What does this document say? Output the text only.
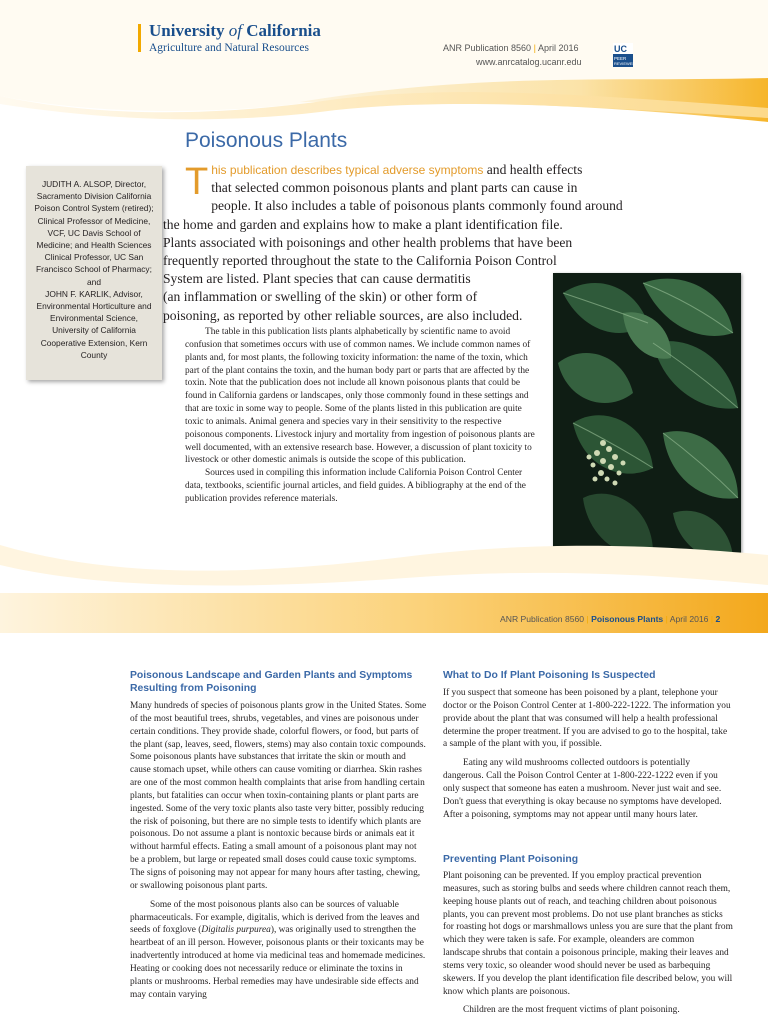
University of California
Agriculture and Natural Resources	ANR Publication 8560 | April 2016
www.anrcatalog.ucanr.edu
UC
PEER
REVIEWED
Poisonous Plants
JUDITH A. ALSOP, Director, Sacramento Division California Poison Control System (retired); Clinical Professor of Medicine, VCF, UC Davis School of Medicine; and Health Sciences Clinical Professor, UC San Francisco School of Pharmacy; and
JOHN F. KARLIK, Advisor, Environmental Horticulture and Environmental Science, University of California Cooperative Extension, Kern County
T his publication describes typical adverse symptoms and health effects
that selected common poisonous plants and plant parts can cause in
people. It also includes a table of poisonous plants commonly found around
the home and garden and explains how to make a plant identification file.
Plants associated with poisonings and other health problems that have been
frequently reported throughout the state to the California Poison Control
System are listed. Plant species that can cause dermatitis
(an inflammation or swelling of the skin) or other form of
poisoning, as reported by other reliable sources, are also included.

The table in this publication lists plants alphabetically by scientific name to avoid confusion that sometimes occurs with use of common names. We include common names of plants and, for most plants, the following toxicity information: the name of the toxin, which part of the plant contains the toxin, and the human body part or parts that are affected by the toxin. Note that the publication does not include all known poisonous plants that could be found in California gardens or landscapes, only those commonly found in these settings and that are toxic in some way to people. Some of the plants listed in this publication are quite toxic to animals. Animal genera and species vary in their sensitivity to the respective poisonous components. Livestock injury and mortality from ingestion of poisonous plants are well documented, with an extensive research base. However, a discussion of plant toxicity to livestock or other domestic animals is outside the scope of this publication.

Sources used in compiling this information include California Poison Control Center data, textbooks, scientific journal articles, and field guides. A bibliography at the end of the publication provides reference materials.

ANR Publication 8560 | Poisonous Plants | April 2016 | 2
Poisonous Landscape and Garden Plants and Symptoms Resulting from Poisoning

Many hundreds of species of poisonous plants grow in the United States. Some of the most beautiful trees, shrubs, vegetables, and vines are poisonous under certain conditions. They provide shade, colorful flowers, or food, but parts of the plant (sap, leaves, seed, flowers, stems) may also contain toxic compounds. Some poisonous plants have substances that irritate the skin or mouth and cause stomach upset, while others can cause vomiting or diarrhea. Skin rashes are one of the most common health complaints that arise from handling certain plants, but fatalities can occur when toxin-containing plants or plant parts are ingested. Some of the very toxic plants also taste very bitter, possibly reducing the risk of poisoning, but there are no simple tests to identify which plants are poisonous. Do not assume a plant is nontoxic because birds or animals eat it without harmful effects. Eating a small amount of a poisonous plant may not be a problem, but large or repeated small doses could cause toxic symptoms. The signs of poisoning may not appear for many hours after tasting, chewing, or swallowing poisonous plant parts.

Some of the most poisonous plants also can be sources of valuable pharmaceuticals. For example, digitalis, which is derived from the leaves and seeds of foxglove (Digitalis purpurea), was originally used to strengthen the heartbeat of an ill person. However, poisonous plants or their toxicants may be inadvertently introduced at home via medicinal teas and homemade medicines. Heating or cooking does not necessarily reduce or eliminate the toxins in plants or mushrooms. Herbal remedies may have undesirable side effects and may contain varying

What to Do If Plant Poisoning Is Suspected

If you suspect that someone has been poisoned by a plant, telephone your doctor or the Poison Control Center at 1-800-222-1222. The information you provide about the plant that was consumed will help a health professional determine the proper treatment. If you are advised to go to the hospital, take a sample of the plant with you, if possible.

Eating any wild mushrooms collected outdoors is potentially dangerous. Call the Poison Control Center at 1-800-222-1222 even if you only suspect that someone has eaten a mushroom. Never just wait and see. Don't guess that everything is okay because no symptoms have developed. After a poisoning, symptoms may not appear until many hours later.

Preventing Plant Poisoning

Plant poisoning can be prevented. If you employ practical prevention measures, such as storing bulbs and seeds where children cannot reach them, keeping house plants out of reach, and teaching children about poisonous plants, you can prevent most problems. Do not use plant branches as sticks for roasting hot dogs or marshmallows unless you are sure that the plant from which they were taken is safe. For example, oleanders are common landscape shrubs that contain a poisonous principle, making their leaves and stems very toxic, so oleander wood should never be used as barbequing skewers. If you develop the plant identification file described below, you will know which plants are poisonous.

Children are the most frequent victims of plant poisoning.
